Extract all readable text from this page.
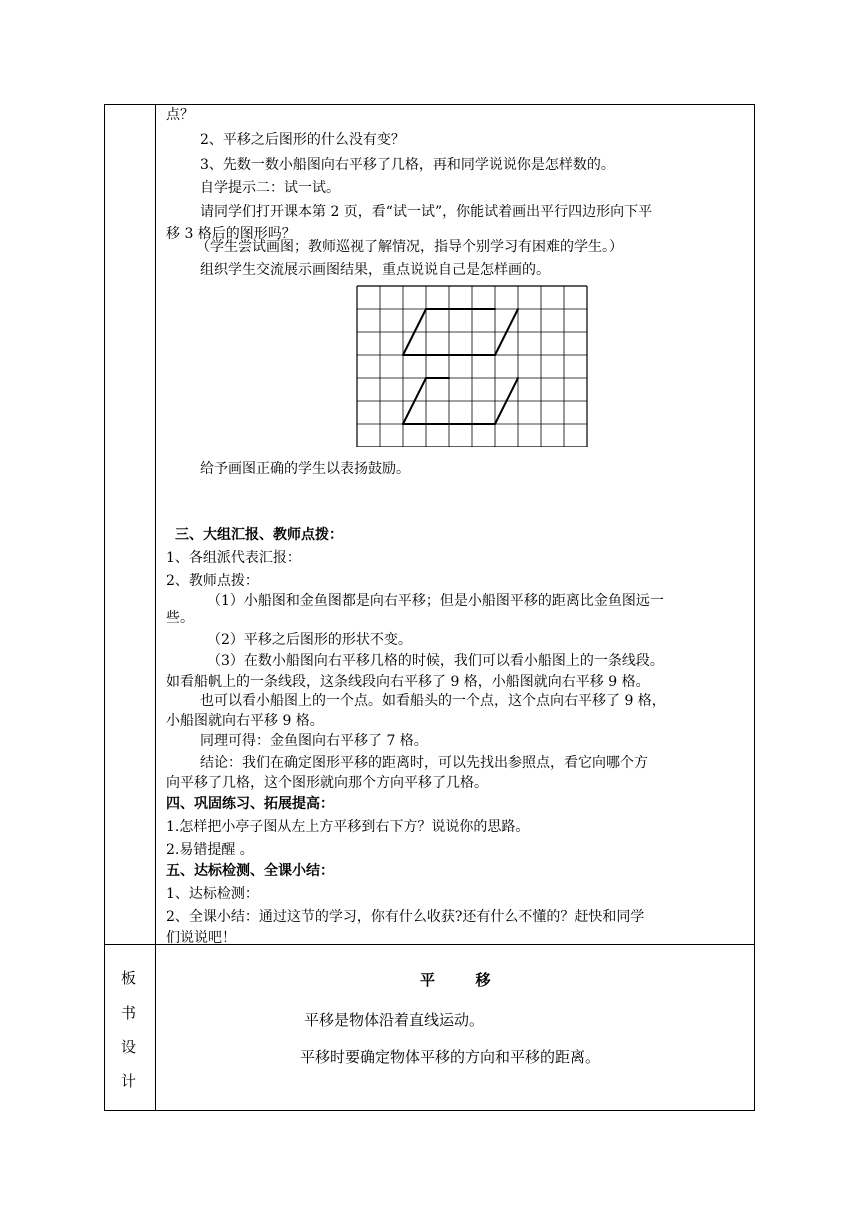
点？
2、平移之后图形的什么没有变？
3、先数一数小船图向右平移了几格，再和同学说说你是怎样数的。
自学提示二：试一试。
请同学们打开课本第 2 页，看“试一试”，你能试着画出平行四边形向下平
移 3 格后的图形吗？
（学生尝试画图；教师巡视了解情况，指导个别学习有困难的学生。）
组织学生交流展示画图结果，重点说说自己是怎样画的。
给予画图正确的学生以表扬鼓励。
三、大组汇报、教师点拨：
1、各组派代表汇报：
2、教师点拨：
（1）小船图和金鱼图都是向右平移；但是小船图平移的距离比金鱼图远一
些。
（2）平移之后图形的形状不变。
（3）在数小船图向右平移几格的时候，我们可以看小船图上的一条线段。
如看船帆上的一条线段，这条线段向右平移了 9 格，小船图就向右平移 9 格。
也可以看小船图上的一个点。如看船头的一个点，这个点向右平移了 9 格，
小船图就向右平移 9 格。
同理可得：金鱼图向右平移了 7 格。
结论：我们在确定图形平移的距离时，可以先找出参照点，看它向哪个方
向平移了几格，这个图形就向那个方向平移了几格。
四、巩固练习、拓展提高：
1.怎样把小亭子图从左上方平移到右下方？说说你的思路。
2.易错提醒 。
五、达标检测、全课小结：
1、达标检测：
2、全课小结：通过这节的学习，你有什么收获?还有什么不懂的？赶快和同学
们说说吧！
板
书
设
计
平	移
平移是物体沿着直线运动。
平移时要确定物体平移的方向和平移的距离。
